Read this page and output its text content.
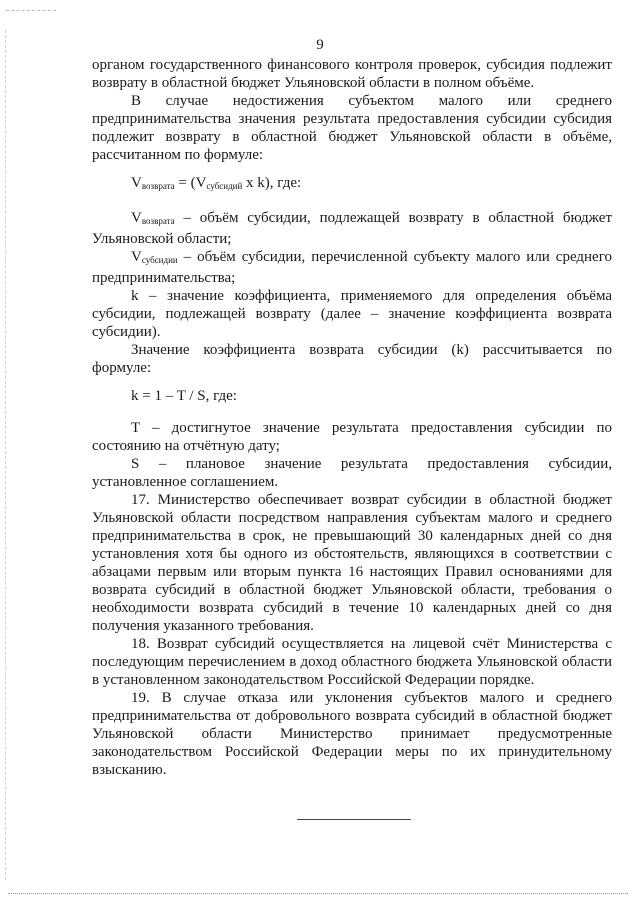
9

органом государственного финансового контроля проверок, субсидия подлежит возврату в областной бюджет Ульяновской области в полном объёме.

В случае недостижения субъектом малого или среднего предпринимательства значения результата предоставления субсидии субсидия подлежит возврату в областной бюджет Ульяновской области в объёме, рассчитанном по формуле:

$V_{возврата} = (V_{субсидий}$ x k), где:

$V_{возврата}$ – объём субсидии, подлежащей возврату в областной бюджет Ульяновской области;

$V_{субсидии}$ – объём субсидии, перечисленной субъекту малого или среднего предпринимательства;

k – значение коэффициента, применяемого для определения объёма субсидии, подлежащей возврату (далее – значение коэффициента возврата субсидии).

Значение коэффициента возврата субсидии (k) рассчитывается по формуле:

k = 1 – T / S, где:

T – достигнутое значение результата предоставления субсидии по состоянию на отчётную дату;

S – плановое значение результата предоставления субсидии, установленное соглашением.

17. Министерство обеспечивает возврат субсидии в областной бюджет Ульяновской области посредством направления субъектам малого и среднего предпринимательства в срок, не превышающий 30 календарных дней со дня установления хотя бы одного из обстоятельств, являющихся в соответствии с абзацами первым или вторым пункта 16 настоящих Правил основаниями для возврата субсидий в областной бюджет Ульяновской области, требования о необходимости возврата субсидий в течение 10 календарных дней со дня получения указанного требования.

18. Возврат субсидий осуществляется на лицевой счёт Министерства с последующим перечислением в доход областного бюджета Ульяновской области в установленном законодательством Российской Федерации порядке.

19. В случае отказа или уклонения субъектов малого и среднего предпринимательства от добровольного возврата субсидий в областной бюджет Ульяновской области Министерство принимает предусмотренные законодательством Российской Федерации меры по их принудительному взысканию.
